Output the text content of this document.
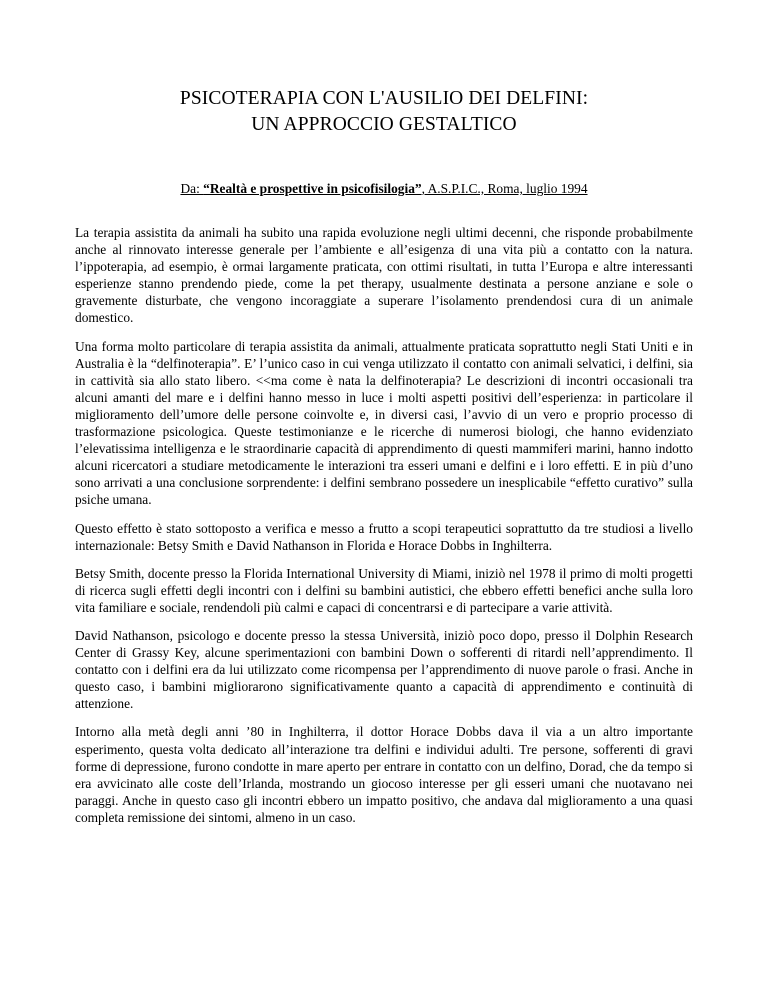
PSICOTERAPIA CON L'AUSILIO DEI DELFINI:
UN APPROCCIO GESTALTICO

Da: “Realtà e prospettive in psicofisilogia”, A.S.P.I.C., Roma, luglio 1994

La terapia assistita da animali ha subito una rapida evoluzione negli ultimi decenni, che risponde probabilmente anche al rinnovato interesse generale per l’ambiente e all’esigenza di una vita più a contatto con la natura. l’ippoterapia, ad esempio, è ormai largamente praticata, con ottimi risultati, in tutta l’Europa e altre interessanti esperienze stanno prendendo piede, come la pet therapy, usualmente destinata a persone anziane e sole o gravemente disturbate, che vengono incoraggiate a superare l’isolamento prendendosi cura di un animale domestico.

Una forma molto particolare di terapia assistita da animali, attualmente praticata soprattutto negli Stati Uniti e in Australia è la “delfinoterapia”. E’ l’unico caso in cui venga utilizzato il contatto con animali selvatici, i delfini, sia in cattività sia allo stato libero. <<ma come è nata la delfinoterapia? Le descrizioni di incontri occasionali tra alcuni amanti del mare e i delfini hanno messo in luce i molti aspetti positivi dell’esperienza: in particolare il miglioramento dell’umore delle persone coinvolte e, in diversi casi, l’avvio di un vero e proprio processo di trasformazione psicologica. Queste testimonianze e le ricerche di numerosi biologi, che hanno evidenziato l’elevatissima intelligenza e le straordinarie capacità di apprendimento di questi mammiferi marini, hanno indotto alcuni ricercatori a studiare metodicamente le interazioni tra esseri umani e delfini e i loro effetti. E in più d’uno sono arrivati a una conclusione sorprendente: i delfini sembrano possedere un inesplicabile “effetto curativo” sulla psiche umana.

Questo effetto è stato sottoposto a verifica e messo a frutto a scopi terapeutici soprattutto da tre studiosi a livello internazionale: Betsy Smith e David Nathanson in Florida e Horace Dobbs in Inghilterra.

Betsy Smith, docente presso la Florida International University di Miami, iniziò nel 1978 il primo di molti progetti di ricerca sugli effetti degli incontri con i delfini su bambini autistici, che ebbero effetti benefici anche sulla loro vita familiare e sociale, rendendoli più calmi e capaci di concentrarsi e di partecipare a varie attività.

David Nathanson, psicologo e docente presso la stessa Università, iniziò poco dopo, presso il Dolphin Research Center di Grassy Key, alcune sperimentazioni con bambini Down o sofferenti di ritardi nell’apprendimento. Il contatto con i delfini era da lui utilizzato come ricompensa per l’apprendimento di nuove parole o frasi. Anche in questo caso, i bambini migliorarono significativamente quanto a capacità di apprendimento e continuità di attenzione.

Intorno alla metà degli anni ’80 in Inghilterra, il dottor Horace Dobbs dava il via a un altro importante esperimento, questa volta dedicato all’interazione tra delfini e individui adulti. Tre persone, sofferenti di gravi forme di depressione, furono condotte in mare aperto per entrare in contatto con un delfino, Dorad, che da tempo si era avvicinato alle coste dell’Irlanda, mostrando un giocoso interesse per gli esseri umani che nuotavano nei paraggi. Anche in questo caso gli incontri ebbero un impatto positivo, che andava dal miglioramento a una quasi completa remissione dei sintomi, almeno in un caso.
